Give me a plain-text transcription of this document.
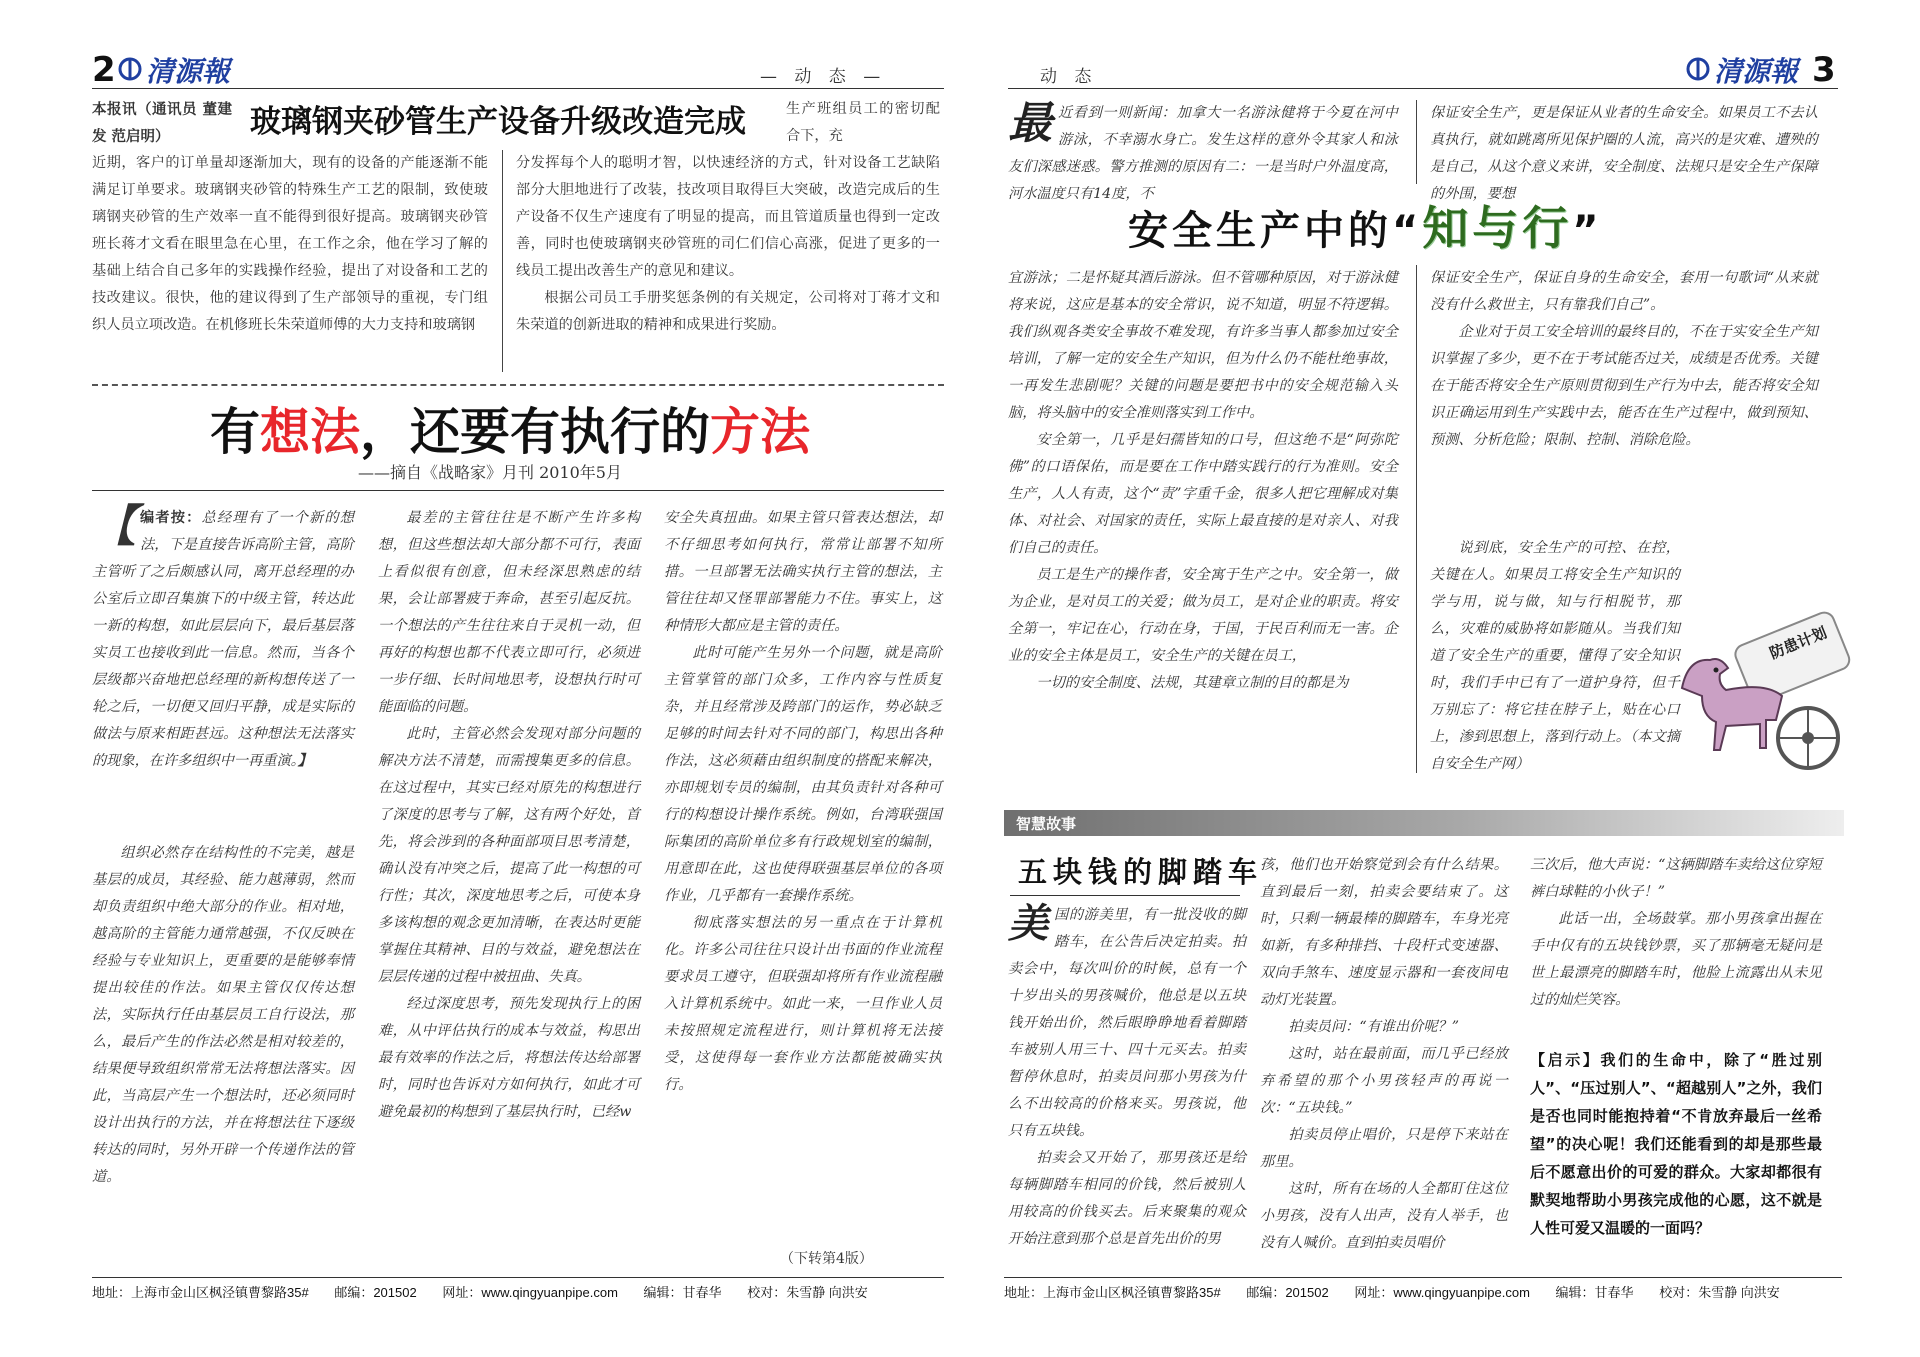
2 清源報	— 动 态 —
玻璃钢夹砂管生产设备升级改造完成
本报讯（通讯员 董建发 范启明）
近期，客户的订单量却逐渐加大，现有的设备的产能逐渐不能满足订单要求。玻璃钢夹砂管的特殊生产工艺的限制，致使玻璃钢夹砂管的生产效率一直不能得到很好提高。玻璃钢夹砂管班长蒋才文看在眼里急在心里，在工作之余，他在学习了解的基础上结合自己多年的实践操作经验，提出了对设备和工艺的技改建议。很快，他的建议得到了生产部领导的重视，专门组织人员立项改造。在机修班长朱荣道师傅的大力支持和玻璃钢
生产班组员工的密切配合下，充
分发挥每个人的聪明才智，以快速经济的方式，针对设备工艺缺陷部分大胆地进行了改装，技改项目取得巨大突破，改造完成后的生产设备不仅生产速度有了明显的提高，而且管道质量也得到一定改善，同时也使玻璃钢夹砂管班的司仁们信心高涨，促进了更多的一线员工提出改善生产的意见和建议。

根据公司员工手册奖惩条例的有关规定，公司将对丁蒋才文和朱荣道的创新进取的精神和成果进行奖励。

有想法，还要有执行的方法
——摘自《战略家》月刊 2010年5月
【 编者按：总经理有了一个新的想法，下是直接告诉高阶主管，高阶主管听了之后颇感认同，离开总经理的办公室后立即召集旗下的中级主管，转达此一新的构想，如此层层向下，最后基层落实员工也接收到此一信息。然而，当各个层级都兴奋地把总经理的新构想传送了一轮之后，一切便又回归平静，成是实际的做法与原来相距甚远。这种想法无法落实的现象，在许多组织中一再重演。】

组织必然存在结构性的不完美，越是基层的成员，其经验、能力越薄弱，然而却负责组织中绝大部分的作业。相对地，越高阶的主管能力通常越强，不仅反映在经验与专业知识上，更重要的是能够奉情提出较佳的作法。如果主管仅仅传达想法，实际执行任由基层员工自行设法，那么，最后产生的作法必然是相对较差的，结果便导致组织常常无法将想法落实。因此，当高层产生一个想法时，还必须同时设计出执行的方法，并在将想法往下逐级转达的同时，另外开辟一个传递作法的管道。

最差的主管往往是不断产生许多构想，但这些想法却大部分都不可行，表面上看似很有创意，但未经深思熟虑的结果，会让部署疲于奔命，甚至引起反抗。一个想法的产生往往来自于灵机一动，但再好的构想也都不代表立即可行，必须进一步仔细、长时间地思考，设想执行时可能面临的问题。

此时，主管必然会发现对部分问题的解决方法不清楚，而需搜集更多的信息。在这过程中，其实已经对原先的构想进行了深度的思考与了解，这有两个好处，首先，将会涉到的各种面部项目思考清楚，确认没有冲突之后，提高了此一构想的可行性；其次，深度地思考之后，可使本身多该构想的观念更加清晰，在表达时更能掌握住其精神、目的与效益，避免想法在层层传递的过程中被扭曲、失真。

经过深度思考，预先发现执行上的困难，从中评估执行的成本与效益，构思出最有效率的作法之后，将想法传达给部署时，同时也告诉对方如何执行，如此才可避免最初的构想到了基层执行时，已经w

安全失真扭曲。如果主管只管表达想法，却不仔细思考如何执行，常常让部署不知所措。一旦部署无法确实执行主管的想法，主管往往却又怪罪部署能力不住。事实上，这种情形大都应是主管的责任。

此时可能产生另外一个问题，就是高阶主管掌管的部门众多，工作内容与性质复杂，并且经常涉及跨部门的运作，势必缺乏足够的时间去针对不同的部门，构思出各种作法，这必须藉由组织制度的搭配来解决，亦即规划专员的编制，由其负责针对各种可行的构想设计操作系统。例如，台湾联强国际集团的高阶单位多有行政规划室的编制，用意即在此，这也使得联强基层单位的各项作业，几乎都有一套操作系统。

彻底落实想法的另一重点在于计算机化。许多公司往往只设计出书面的作业流程要求员工遵守，但联强却将所有作业流程融入计算机系统中。如此一来，一旦作业人员未按照规定流程进行，则计算机将无法接受，这使得每一套作业方法都能被确实执行。

（下转第4版）
地址：上海市金山区枫泾镇曹黎路35# 邮编：201502 网址：www.qingyuanpipe.com 编辑：甘春华 校对：朱雪静 向洪安
动 态	清源報 3
安全生产中的“知与行”
最近看到一则新闻：加拿大一名游泳健将于今夏在河中游泳，不幸溺水身亡。发生这样的意外令其家人和泳友们深感迷惑。警方推测的原因有二：一是当时户外温度高，河水温度只有14度，不
宜游泳；二是怀疑其酒后游泳。但不管哪种原因，对于游泳健将来说，这应是基本的安全常识，说不知道，明显不符逻辑。我们纵观各类安全事故不难发现，有许多当事人都参加过安全培训，了解一定的安全生产知识，但为什么仍不能杜绝事故，一再发生悲剧呢？关键的问题是要把书中的安全规范输入头脑，将头脑中的安全准则落实到工作中。

安全第一，几乎是妇孺皆知的口号，但这绝不是“阿弥陀佛”的口语保佑，而是要在工作中踏实践行的行为准则。安全生产，人人有责，这个“责”字重千金，很多人把它理解成对集体、对社会、对国家的责任，实际上最直接的是对亲人、对我们自己的责任。

员工是生产的操作者，安全寓于生产之中。安全第一，做为企业，是对员工的关爱；做为员工，是对企业的职责。将安全第一，牢记在心，行动在身，于国，于民百利而无一害。企业的安全主体是员工，安全生产的关键在员工，

一切的安全制度、法规，其建章立制的目的都是为

保证安全生产，更是保证从业者的生命安全。如果员工不去认真执行，就如跳离所见保护圈的人流，高兴的是灾难、遭殃的是自己，从这个意义来讲，安全制度、法规只是安全生产保障的外围，要想
保证安全生产，保证自身的生命安全，套用一句歌词“从来就没有什么救世主，只有靠我们自己”。

企业对于员工安全培训的最终目的，不在于实安全生产知识掌握了多少，更不在于考试能否过关，成绩是否优秀。关键在于能否将安全生产原则贯彻到生产行为中去，能否将安全知识正确运用到生产实践中去，能否在生产过程中，做到预知、预测、分析危险；限制、控制、消除危险。

说到底，安全生产的可控、在控，关键在人。如果员工将安全生产知识的学与用，说与做，知与行相脱节，那么，灾难的威胁将如影随从。当我们知道了安全生产的重要，懂得了安全知识时，我们手中已有了一道护身符，但千万别忘了：将它挂在脖子上，贴在心口上，渗到思想上，落到行动上。（本文摘自安全生产网）

防患计划
智慧故事
五块钱的脚踏车
美国的游美里，有一批没收的脚踏车，在公告后决定拍卖。拍卖会中，每次叫价的时候，总有一个十岁出头的男孩喊价，他总是以五块钱开始出价，然后眼睁睁地看着脚踏车被别人用三十、四十元买去。拍卖暂停休息时，拍卖员问那小男孩为什么不出较高的价格来买。男孩说，他只有五块钱。

拍卖会又开始了，那男孩还是给每辆脚踏车相同的价钱，然后被别人用较高的价钱买去。后来聚集的观众开始注意到那个总是首先出价的男

孩，他们也开始察觉到会有什么结果。直到最后一刻，拍卖会要结束了。这时，只剩一辆最棒的脚踏车，车身光亮如新，有多种排挡、十段杆式变速器、双向手煞车、速度显示器和一套夜间电动灯光装置。

拍卖员问：“有谁出价呢？”

这时，站在最前面，而几乎已经放弃希望的那个小男孩轻声的再说一次：“五块钱。”

拍卖员停止唱价，只是停下来站在那里。

这时，所有在场的人全都盯住这位小男孩，没有人出声，没有人举手，也没有人喊价。直到拍卖员唱价

三次后，他大声说：“这辆脚踏车卖给这位穿短裤白球鞋的小伙子！”

此话一出，全场鼓掌。那小男孩拿出握在手中仅有的五块钱钞票，买了那辆毫无疑问是世上最漂亮的脚踏车时，他脸上流露出从未见过的灿烂笑容。

【启示】我们的生命中，除了“胜过别人”、“压过别人”、“超越别人”之外，我们是否也同时能抱持着“不肯放弃最后一丝希望”的决心呢！我们还能看到的却是那些最后不愿意出价的可爱的群众。大家却都很有默契地帮助小男孩完成他的心愿，这不就是人性可爱又温暖的一面吗？
地址：上海市金山区枫泾镇曹黎路35# 邮编：201502 网址：www.qingyuanpipe.com 编辑：甘春华 校对：朱雪静 向洪安
